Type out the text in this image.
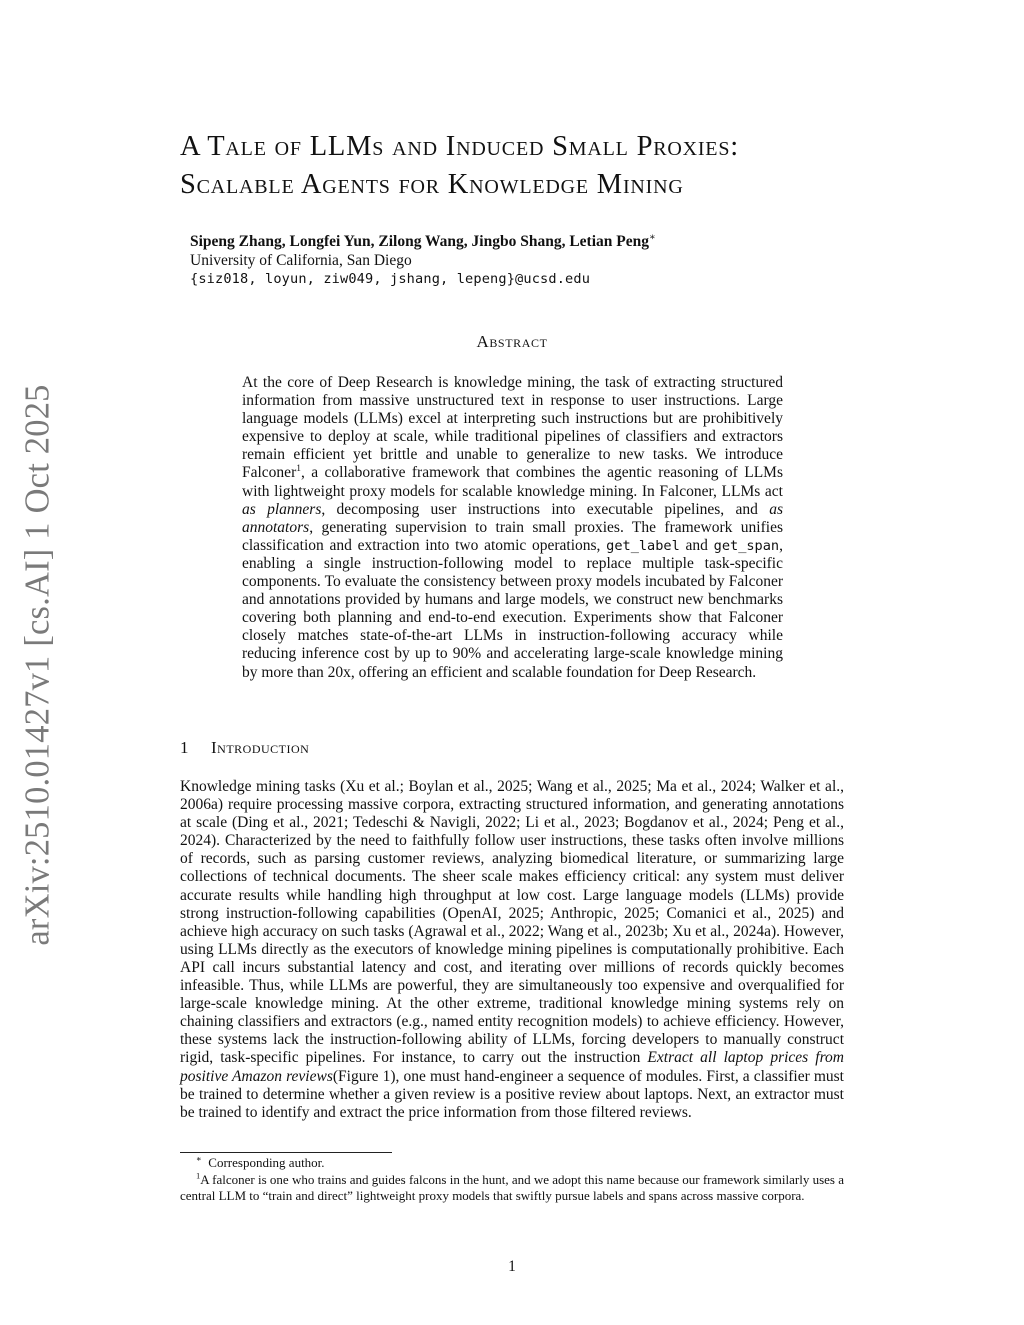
arXiv:2510.01427v1 [cs.AI] 1 Oct 2025
A Tale of LLMs and Induced Small Proxies:
Scalable Agents for Knowledge Mining
Sipeng Zhang, Longfei Yun, Zilong Wang, Jingbo Shang, Letian Peng∗
University of California, San Diego
{siz018, loyun, ziw049, jshang, lepeng}@ucsd.edu
Abstract
At the core of Deep Research is knowledge mining, the task of extracting structured information from massive unstructured text in response to user instructions. Large language models (LLMs) excel at interpreting such instructions but are prohibitively expensive to deploy at scale, while traditional pipelines of classifiers and extractors remain efficient yet brittle and unable to generalize to new tasks. We introduce Falconer$^1$, a collaborative framework that combines the agentic reasoning of LLMs with lightweight proxy models for scalable knowledge mining. In Falconer, LLMs act as planners, decomposing user instructions into executable pipelines, and as annotators, generating supervision to train small proxies. The framework unifies classification and extraction into two atomic operations, get_label and get_span, enabling a single instruction-following model to replace multiple task-specific components. To evaluate the consistency between proxy models incubated by Falconer and annotations provided by humans and large models, we construct new benchmarks covering both planning and end-to-end execution. Experiments show that Falconer closely matches state-of-the-art LLMs in instruction-following accuracy while reducing inference cost by up to 90% and accelerating large-scale knowledge mining by more than 20x, offering an efficient and scalable foundation for Deep Research.
1 Introduction
Knowledge mining tasks (Xu et al.; Boylan et al., 2025; Wang et al., 2025; Ma et al., 2024; Walker et al., 2006a) require processing massive corpora, extracting structured information, and generating annotations at scale (Ding et al., 2021; Tedeschi & Navigli, 2022; Li et al., 2023; Bogdanov et al., 2024; Peng et al., 2024). Characterized by the need to faithfully follow user instructions, these tasks often involve millions of records, such as parsing customer reviews, analyzing biomedical literature, or summarizing large collections of technical documents. The sheer scale makes efficiency critical: any system must deliver accurate results while handling high throughput at low cost. Large language models (LLMs) provide strong instruction-following capabilities (OpenAI, 2025; Anthropic, 2025; Comanici et al., 2025) and achieve high accuracy on such tasks (Agrawal et al., 2022; Wang et al., 2023b; Xu et al., 2024a). However, using LLMs directly as the executors of knowledge mining pipelines is computationally prohibitive. Each API call incurs substantial latency and cost, and iterating over millions of records quickly becomes infeasible. Thus, while LLMs are powerful, they are simultaneously too expensive and overqualified for large-scale knowledge mining. At the other extreme, traditional knowledge mining systems rely on chaining classifiers and extractors (e.g., named entity recognition models) to achieve efficiency. However, these systems lack the instruction-following ability of LLMs, forcing developers to manually construct rigid, task-specific pipelines. For instance, to carry out the instruction Extract all laptop prices from positive Amazon reviews(Figure 1), one must hand-engineer a sequence of modules. First, a classifier must be trained to determine whether a given review is a positive review about laptops. Next, an extractor must be trained to identify and extract the price information from those filtered reviews.
∗ Corresponding author.
$^1$A falconer is one who trains and guides falcons in the hunt, and we adopt this name because our framework similarly uses a central LLM to “train and direct” lightweight proxy models that swiftly pursue labels and spans across massive corpora.
1
